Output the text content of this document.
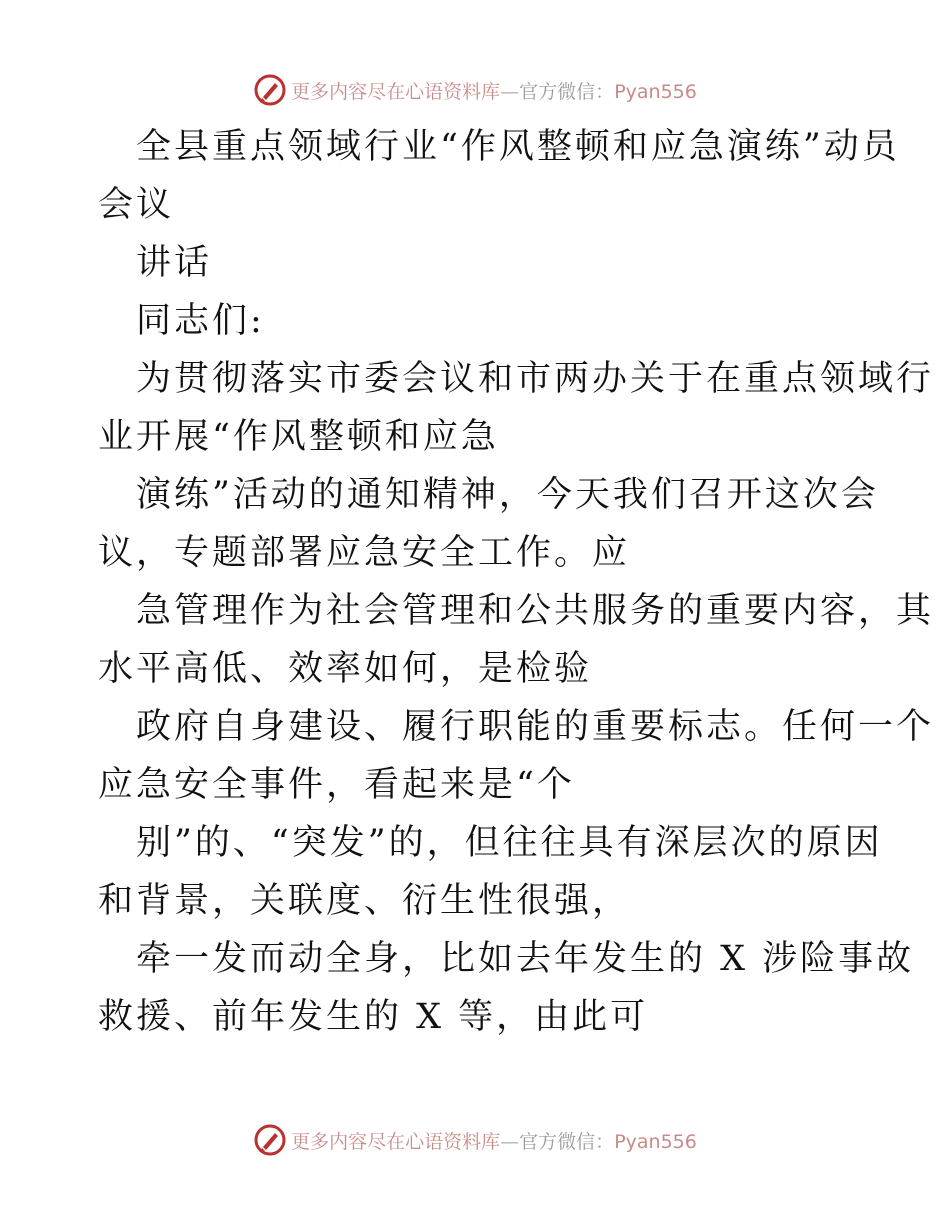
更多内容尽在心语资料库—官方微信：Pyan556

全县重点领域行业“作风整顿和应急演练”动员
会议

讲话

同志们:

为贯彻落实市委会议和市两办关于在重点领域行
业开展“作风整顿和应急

演练”活动的通知精神，今天我们召开这次会
议，专题部署应急安全工作。应

急管理作为社会管理和公共服务的重要内容，其
水平高低、效率如何，是检验

政府自身建设、履行职能的重要标志。任何一个
应急安全事件，看起来是“个

别”的、“突发”的，但往往具有深层次的原因
和背景，关联度、衍生性很强，

牵一发而动全身，比如去年发生的 X 涉险事故
救援、前年发生的 X 等，由此可

更多内容尽在心语资料库—官方微信：Pyan556
